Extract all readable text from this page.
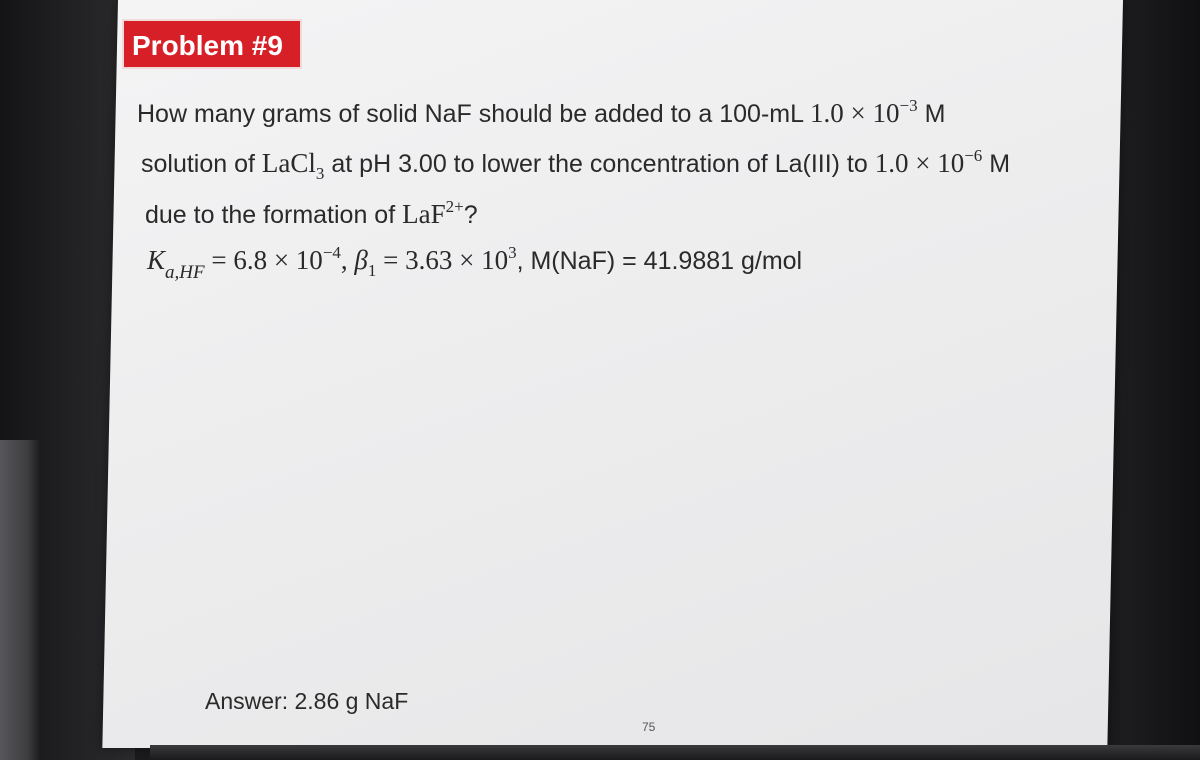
Problem #9
How many grams of solid NaF should be added to a 100-mL $1.0 \times 10^{-3}$ M
solution of LaCl$_3$ at pH 3.00 to lower the concentration of La(III) to $1.0 \times 10^{-6}$ M
due to the formation of LaF$^{2+}$?
$K_{a,HF} = 6.8 \times 10^{-4}$, $\beta_1 = 3.63 \times 10^3$, M(NaF) = 41.9881 g/mol
Answer: 2.86 g NaF
75
